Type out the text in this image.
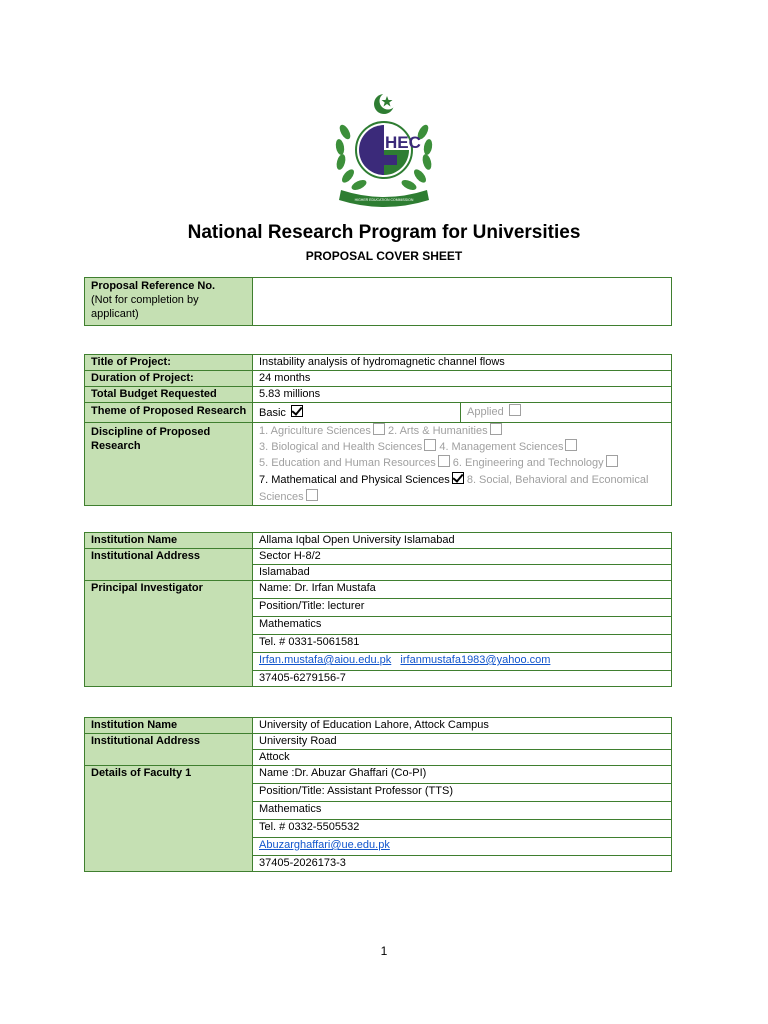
HEC
HIGHER EDUCATION COMMISSION
National Research Program for Universities
PROPOSAL COVER SHEET
Proposal Reference No.
(Not for completion by
applicant)

Title of Project:	Instability analysis of hydromagnetic channel flows	
Duration of Project:	24 months	
Total Budget Requested	5.83 millions	
Theme of Proposed Research	Basic	Applied
Discipline of Proposed Research	1. Agriculture Sciences 2. Arts & Humanities

3. Biological and Health Sciences 4. Management Sciences

5. Education and Human Resources 6. Engineering and Technology

7. Mathematical and Physical Sciences 8. Social, Behavioral and Economical

Sciences	

Institution Name	Allama Iqbal Open University Islamabad
Institutional Address	Sector H-8/2
	Islamabad
Principal Investigator	Name: Dr. Irfan Mustafa
	Position/Title: lecturer
	Mathematics
	Tel. # 0331-5061581
	Irfan.mustafa@aiou.edu.pk irfanmustafa1983@yahoo.com
	37405-6279156-7
Institution Name	University of Education Lahore, Attock Campus
Institutional Address	University Road
	Attock
Details of Faculty 1	Name :Dr. Abuzar Ghaffari (Co-PI)
	Position/Title: Assistant Professor (TTS)
	Mathematics
	Tel. # 0332-5505532
	Abuzarghaffari@ue.edu.pk
	37405-2026173-3
1
